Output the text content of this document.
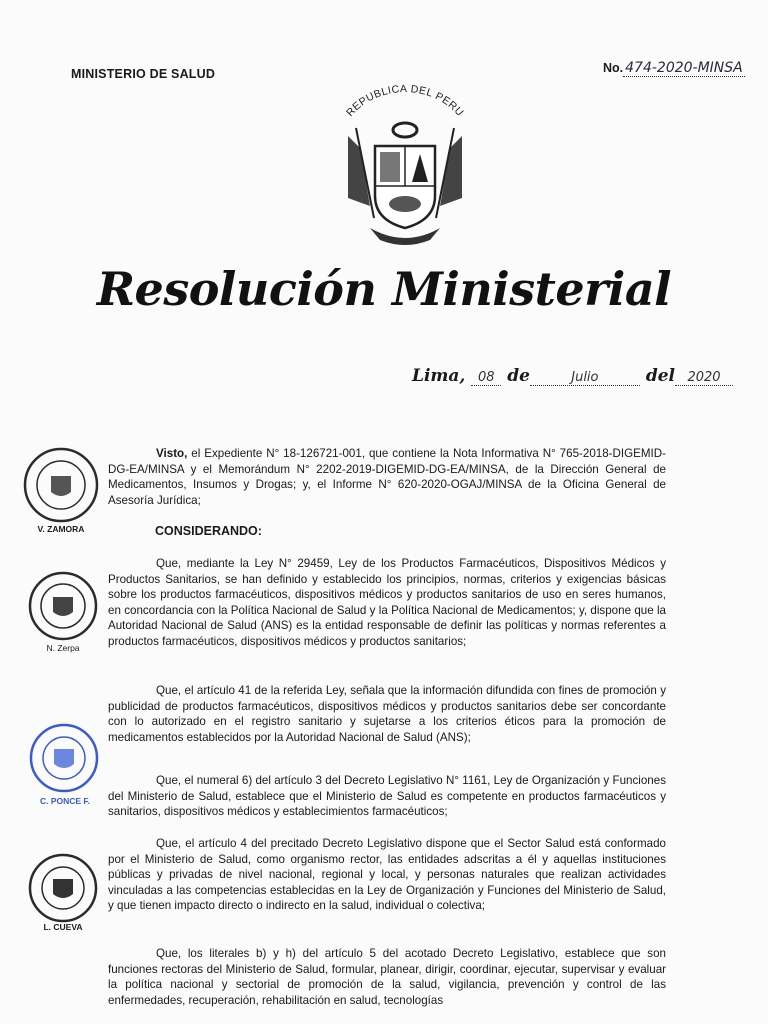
MINISTERIO DE SALUD	No. 474-2020-MINSA
REPUBLICA DEL PERU
Resolución Ministerial
Lima, 08 de	Julio	del 2020
V. ZAMORA
N. Zerpa
C. PONCE F.
L. CUEVA

Visto, el Expediente N° 18-126721-001, que contiene la Nota Informativa N° 765-2018-DIGEMID-DG-EA/MINSA y el Memorándum N° 2202-2019-DIGEMID-DG-EA/MINSA, de la Dirección General de Medicamentos, Insumos y Drogas; y, el Informe N° 620-2020-OGAJ/MINSA de la Oficina General de Asesoría Jurídica;

CONSIDERANDO:

Que, mediante la Ley N° 29459, Ley de los Productos Farmacéuticos, Dispositivos Médicos y Productos Sanitarios, se han definido y establecido los principios, normas, criterios y exigencias básicas sobre los productos farmacéuticos, dispositivos médicos y productos sanitarios de uso en seres humanos, en concordancia con la Política Nacional de Salud y la Política Nacional de Medicamentos; y, dispone que la Autoridad Nacional de Salud (ANS) es la entidad responsable de definir las políticas y normas referentes a productos farmacéuticos, dispositivos médicos y productos sanitarios;

Que, el artículo 41 de la referida Ley, señala que la información difundida con fines de promoción y publicidad de productos farmacéuticos, dispositivos médicos y productos sanitarios debe ser concordante con lo autorizado en el registro sanitario y sujetarse a los criterios éticos para la promoción de medicamentos establecidos por la Autoridad Nacional de Salud (ANS);

Que, el numeral 6) del artículo 3 del Decreto Legislativo N° 1161, Ley de Organización y Funciones del Ministerio de Salud, establece que el Ministerio de Salud es competente en productos farmacéuticos y sanitarios, dispositivos médicos y establecimientos farmacéuticos;

Que, el artículo 4 del precitado Decreto Legislativo dispone que el Sector Salud está conformado por el Ministerio de Salud, como organismo rector, las entidades adscritas a él y aquellas instituciones públicas y privadas de nivel nacional, regional y local, y personas naturales que realizan actividades vinculadas a las competencias establecidas en la Ley de Organización y Funciones del Ministerio de Salud, y que tienen impacto directo o indirecto en la salud, individual o colectiva;

Que, los literales b) y h) del artículo 5 del acotado Decreto Legislativo, establece que son funciones rectoras del Ministerio de Salud, formular, planear, dirigir, coordinar, ejecutar, supervisar y evaluar la política nacional y sectorial de promoción de la salud, vigilancia, prevención y control de las enfermedades, recuperación, rehabilitación en salud, tecnologías
